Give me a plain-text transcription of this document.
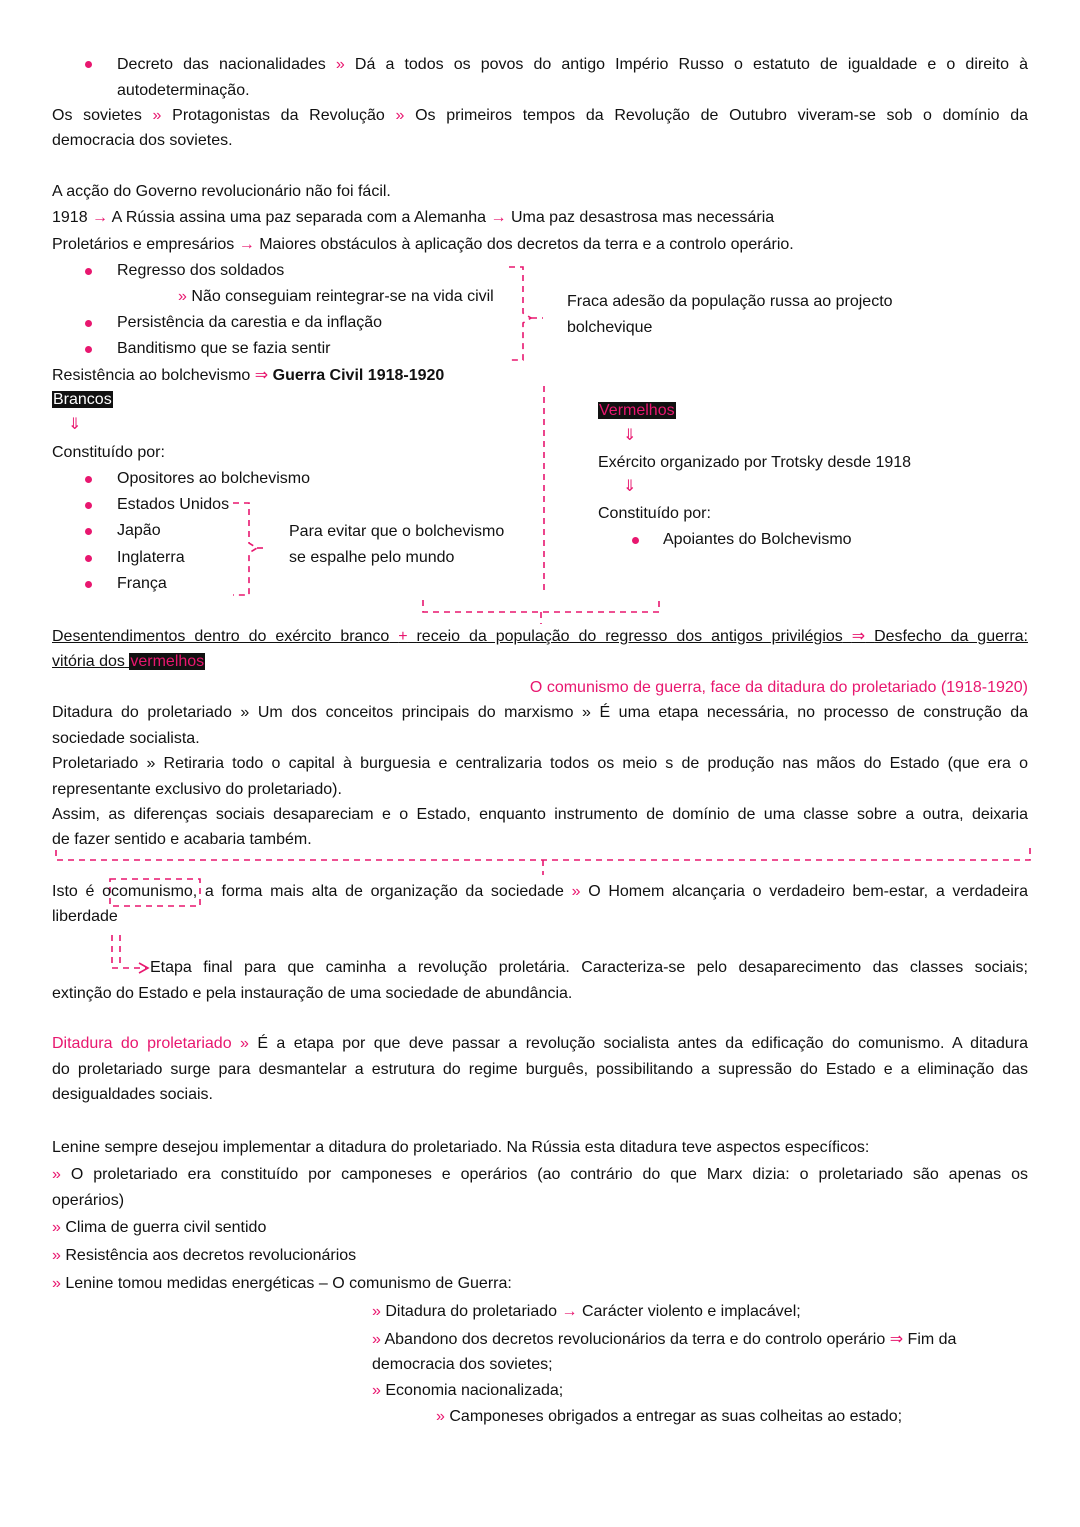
Decreto das nacionalidades » Dá a todos os povos do antigo Império Russo o estatuto de igualdade e o direito à
autodeterminação.
Os sovietes » Protagonistas da Revolução » Os primeiros tempos da Revolução de Outubro viveram-se sob o domínio da
democracia dos sovietes.
A acção do Governo revolucionário não foi fácil.
1918 → A Rússia assina uma paz separada com a Alemanha → Uma paz desastrosa mas necessária
Proletários e empresários → Maiores obstáculos à aplicação dos decretos da terra e a controlo operário.
Regresso dos soldados
» Não conseguiam reintegrar-se na vida civil
Persistência da carestia e da inflação
Banditismo que se fazia sentir
Fraca adesão da população russa ao projecto
bolchevique
Resistência ao bolchevismo ⇒ Guerra Civil 1918-1920
Brancos
⇓
Constituído por:
Opositores ao bolchevismo
Estados Unidos
Japão
Inglaterra
França
Para evitar que o bolchevismo
se espalhe pelo mundo
Vermelhos
⇓
Exército organizado por Trotsky desde 1918
⇓
Constituído por:
Apoiantes do Bolchevismo
Desentendimentos dentro do exército branco + receio da população do regresso dos antigos privilégios ⇒ Desfecho da guerra:
vitória dos vermelhos
O comunismo de guerra, face da ditadura do proletariado (1918-1920)
Ditadura do proletariado » Um dos conceitos principais do marxismo » É uma etapa necessária, no processo de construção da
sociedade socialista.
Proletariado » Retiraria todo o capital à burguesia e centralizaria todos os meio s de produção nas mãos do Estado (que era o
representante exclusivo do proletariado).
Assim, as diferenças sociais desapareciam e o Estado, enquanto instrumento de domínio de uma classe sobre a outra, deixaria
de fazer sentido e acabaria também.
Isto é ocomunismo, a forma mais alta de organização da sociedade » O Homem alcançaria o verdadeiro bem-estar, a verdadeira
liberdade
Etapa final para que caminha a revolução proletária. Caracteriza-se pelo desaparecimento das classes sociais;
extinção do Estado e pela instauração de uma sociedade de abundância.
Ditadura do proletariado » É a etapa por que deve passar a revolução socialista antes da edificação do comunismo. A ditadura
do proletariado surge para desmantelar a estrutura do regime burguês, possibilitando a supressão do Estado e a eliminação das
desigualdades sociais.
Lenine sempre desejou implementar a ditadura do proletariado. Na Rússia esta ditadura teve aspectos específicos:
» O proletariado era constituído por camponeses e operários (ao contrário do que Marx dizia: o proletariado são apenas os
operários)
» Clima de guerra civil sentido
» Resistência aos decretos revolucionários
» Lenine tomou medidas energéticas – O comunismo de Guerra:
» Ditadura do proletariado → Carácter violento e implacável;
» Abandono dos decretos revolucionários da terra e do controlo operário ⇒ Fim da
democracia dos sovietes;
» Economia nacionalizada;
» Camponeses obrigados a entregar as suas colheitas ao estado;
